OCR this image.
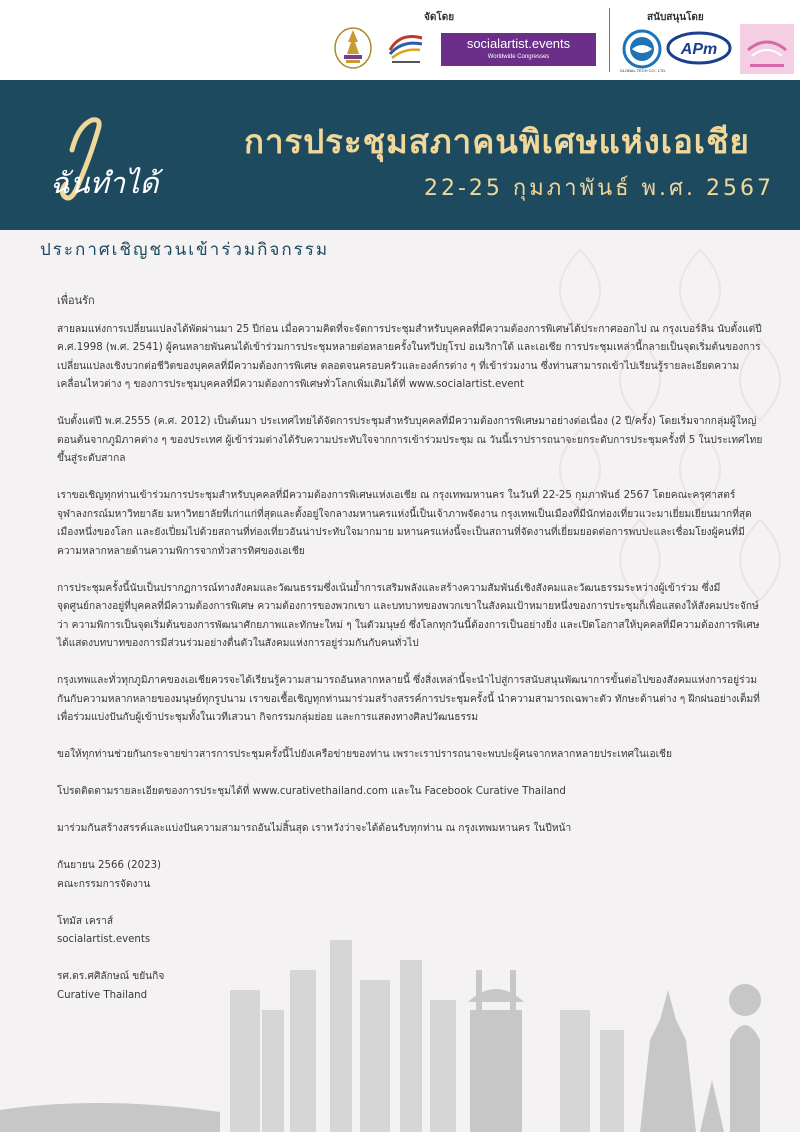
จัดโดย	สนับสนุนโดย
socialartist.events
Worldwide Congresses
GLOBAL TECH CO., LTD.
APm
ฉันทำได้
การประชุมสภาคนพิเศษแห่งเอเชีย
22-25 กุมภาพันธ์ พ.ศ. 2567
ประกาศเชิญชวนเข้าร่วมกิจกรรม

เพื่อนรัก

สายลมแห่งการเปลี่ยนแปลงได้พัดผ่านมา 25 ปีก่อน เมื่อความคิดที่จะจัดการประชุมสำหรับบุคคลที่มีความต้องการพิเศษได้ประกาศออกไป ณ กรุงเบอร์ลิน นับตั้งแต่ปี ค.ศ.1998 (พ.ศ. 2541) ผู้คนหลายพันคนได้เข้าร่วมการประชุมหลายต่อหลายครั้งในทวีปยุโรป อเมริกาใต้ และเอเชีย การประชุมเหล่านี้กลายเป็นจุดเริ่มต้นของการเปลี่ยนแปลงเชิงบวกต่อชีวิตของบุคคลที่มีความต้องการพิเศษ ตลอดจนครอบครัวและองค์กรต่าง ๆ ที่เข้าร่วมงาน ซึ่งท่านสามารถเข้าไปเรียนรู้รายละเอียดความเคลื่อนไหวต่าง ๆ ของการประชุมบุคคลที่มีความต้องการพิเศษทั่วโลกเพิ่มเติมได้ที่ www.socialartist.event

นับตั้งแต่ปี พ.ศ.2555 (ค.ศ. 2012) เป็นต้นมา ประเทศไทยได้จัดการประชุมสำหรับบุคคลที่มีความต้องการพิเศษมาอย่างต่อเนื่อง (2 ปี/ครั้ง) โดยเริ่มจากกลุ่มผู้ใหญ่ตอนต้นจากภูมิภาคต่าง ๆ ของประเทศ ผู้เข้าร่วมต่างได้รับความประทับใจจากการเข้าร่วมประชุม ณ วันนี้เราปรารถนาจะยกระดับการประชุมครั้งที่ 5 ในประเทศไทยขึ้นสู่ระดับสากล

เราขอเชิญทุกท่านเข้าร่วมการประชุมสำหรับบุคคลที่มีความต้องการพิเศษแห่งเอเชีย ณ กรุงเทพมหานคร ในวันที่ 22-25 กุมภาพันธ์ 2567 โดยคณะครุศาสตร์ จุฬาลงกรณ์มหาวิทยาลัย มหาวิทยาลัยที่เก่าแก่ที่สุดและตั้งอยู่ใจกลางมหานครแห่งนี้เป็นเจ้าภาพจัดงาน กรุงเทพเป็นเมืองที่มีนักท่องเที่ยวแวะมาเยี่ยมเยียนมากที่สุดเมืองหนึ่งของโลก และยังเปี่ยมไปด้วยสถานที่ท่องเที่ยวอันน่าประทับใจมากมาย มหานครแห่งนี้จะเป็นสถานที่จัดงานที่เยี่ยมยอดต่อการพบปะและเชื่อมโยงผู้คนที่มีความหลากหลายด้านความพิการจากทั่วสารทิศของเอเชีย

การประชุมครั้งนี้นับเป็นปรากฏการณ์ทางสังคมและวัฒนธรรมซึ่งเน้นย้ำการเสริมพลังและสร้างความสัมพันธ์เชิงสังคมและวัฒนธรรมระหว่างผู้เข้าร่วม ซึ่งมีจุดศูนย์กลางอยู่ที่บุคคลที่มีความต้องการพิเศษ ความต้องการของพวกเขา และบทบาทของพวกเขาในสังคมเป้าหมายหนึ่งของการประชุมก็เพื่อแสดงให้สังคมประจักษ์ว่า ความพิการเป็นจุดเริ่มต้นของการพัฒนาศักยภาพและทักษะใหม่ ๆ ในตัวมนุษย์ ซึ่งโลกทุกวันนี้ต้องการเป็นอย่างยิ่ง และเปิดโอกาสให้บุคคลที่มีความต้องการพิเศษได้แสดงบทบาทของการมีส่วนร่วมอย่างตื่นตัวในสังคมแห่งการอยู่ร่วมกันกับคนทั่วไป

กรุงเทพและทั่วทุกภูมิภาคของเอเชียควรจะได้เรียนรู้ความสามารถอันหลากหลายนี้ ซึ่งสิ่งเหล่านี้จะนำไปสู่การสนับสนุนพัฒนาการขั้นต่อไปของสังคมแห่งการอยู่ร่วมกันกับความหลากหลายของมนุษย์ทุกรูปนาม เราขอเชื้อเชิญทุกท่านมาร่วมสร้างสรรค์การประชุมครั้งนี้ นำความสามารถเฉพาะตัว ทักษะด้านต่าง ๆ ฝีกฝนอย่างเต็มที่เพื่อร่วมแบ่งปันกับผู้เข้าประชุมทั้งในเวทีเสวนา กิจกรรมกลุ่มย่อย และการแสดงทางศิลปวัฒนธรรม

ขอให้ทุกท่านช่วยกันกระจายข่าวสารการประชุมครั้งนี้ไปยังเครือข่ายของท่าน เพราะเราปรารถนาจะพบปะผู้คนจากหลากหลายประเทศในเอเชีย

โปรดติดตามรายละเอียดของการประชุมได้ที่ www.curativethailand.com และใน Facebook Curative Thailand

มาร่วมกันสร้างสรรค์และแบ่งปันความสามารถอันไม่สิ้นสุด เราหวังว่าจะได้ต้อนรับทุกท่าน ณ กรุงเทพมหานคร ในปีหน้า

กันยายน 2566 (2023)

คณะกรรมการจัดงาน

โทมัส เคราส์

socialartist.events

รศ.ดร.ศศิลักษณ์ ขยันกิจ

Curative Thailand
